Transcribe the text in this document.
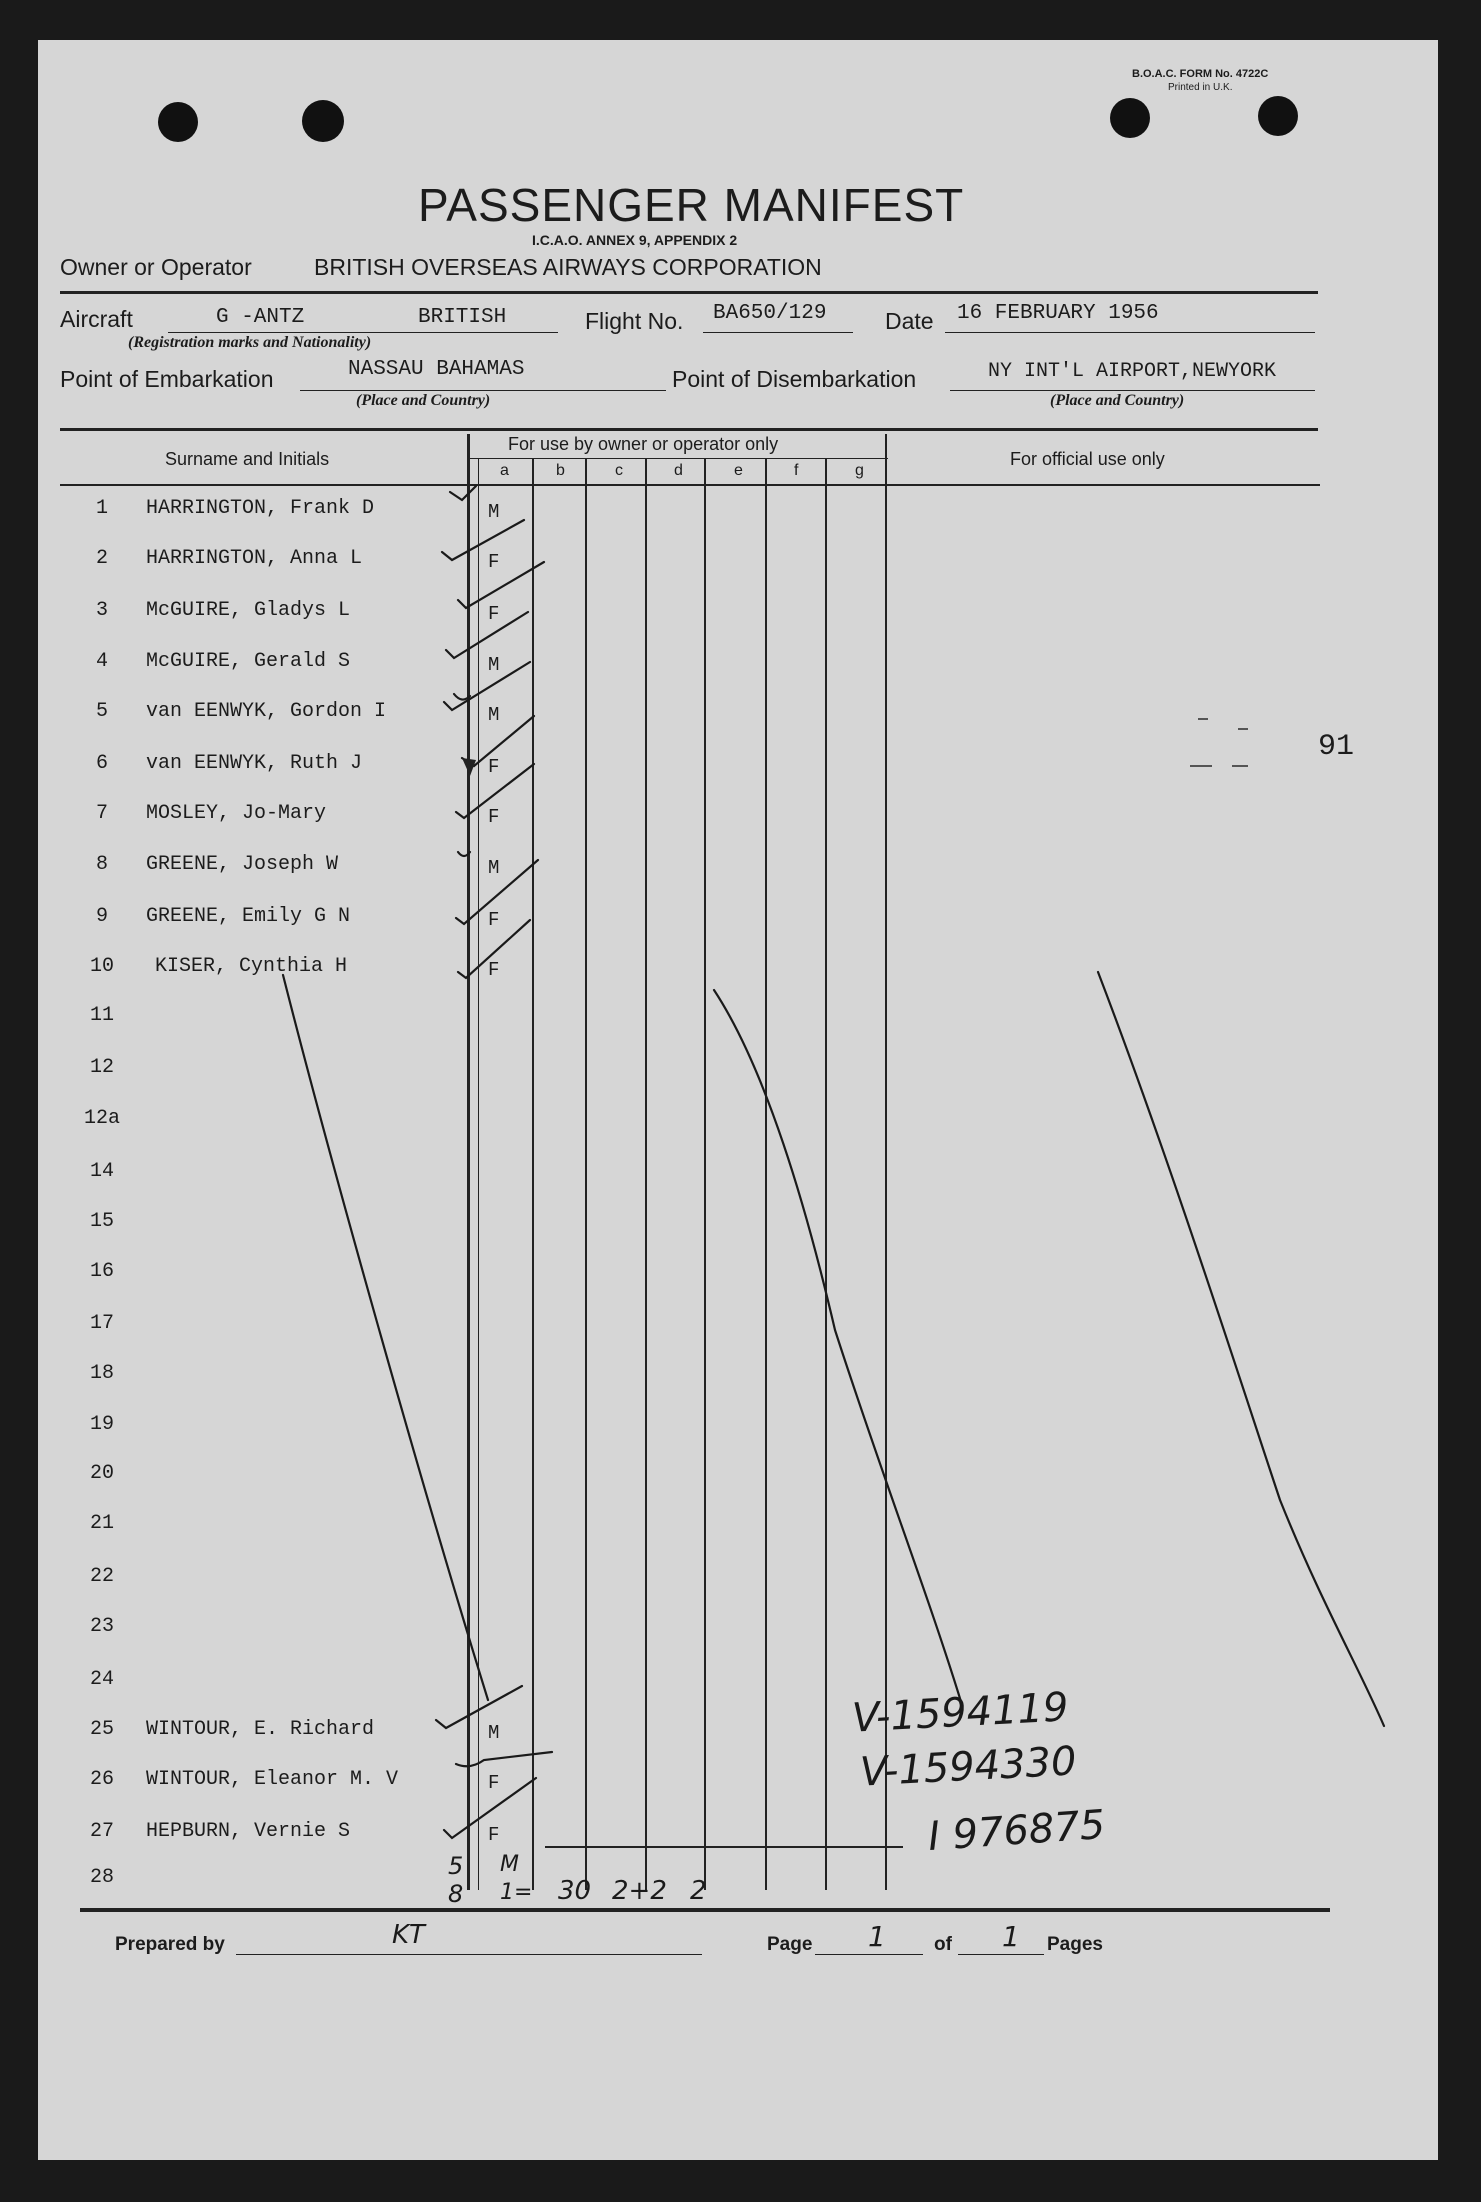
B.O.A.C. FORM No. 4722C
Printed in U.K.
PASSENGER MANIFEST
I.C.A.O. ANNEX 9, APPENDIX 2
Owner or Operator	BRITISH OVERSEAS AIRWAYS CORPORATION
Aircraft	G -ANTZ	BRITISH
(Registration marks and Nationality)
Flight No. BA650/129	Date 16 FEBRUARY 1956
Point of Embarkation	NASSAU BAHAMAS
(Place and Country)
Point of Disembarkation	NY INT'L AIRPORT,NEWYORK
(Place and Country)
Surname and Initials
For use by owner or operator only
For official use only
a	b	c	d	e	f	g
1	HARRINGTON, Frank D	M
2	HARRINGTON, Anna L	F
3	McGUIRE, Gladys L	F
4	McGUIRE, Gerald S	M
5	van EENWYK, Gordon I	M
6	van EENWYK, Ruth J	F
7	MOSLEY, Jo-Mary	F
8	GREENE, Joseph W	M
9	GREENE, Emily G N	F
10	KISER, Cynthia H	F
11
12
12a
14
15
16
17
18
19
20
21
22
23
24
25	WINTOUR, E. Richard	M
26	WINTOUR, Eleanor M. V	F
27	HEPBURN, Vernie S	F
28
91
V-1594119
V-1594330
I 976875
5
8
M
1= 30 2+2 2
Prepared by	KT	Page 1	of 1 Pages
